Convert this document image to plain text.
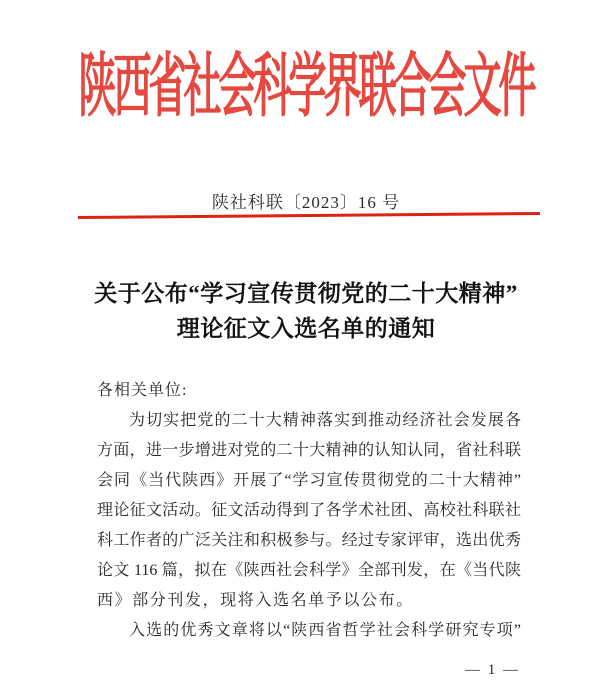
陕西省社会科学界联合会文件
陕社科联〔2023〕16 号
关于公布“学习宣传贯彻党的二十大精神”
理论征文入选名单的通知
各相关单位:
为切实把党的二十大精神落实到推动经济社会发展各
方面，进一步增进对党的二十大精神的认知认同，省社科联
会同《当代陕西》开展了“学习宣传贯彻党的二十大精神”
理论征文活动。征文活动得到了各学术社团、高校社科联社
科工作者的广泛关注和积极参与。经过专家评审，选出优秀
论文 116 篇，拟在《陕西社会科学》全部刊发，在《当代陕
西》部分刊发，现将入选名单予以公布。
入选的优秀文章将以“陕西省哲学社会科学研究专项”
— 1 —
